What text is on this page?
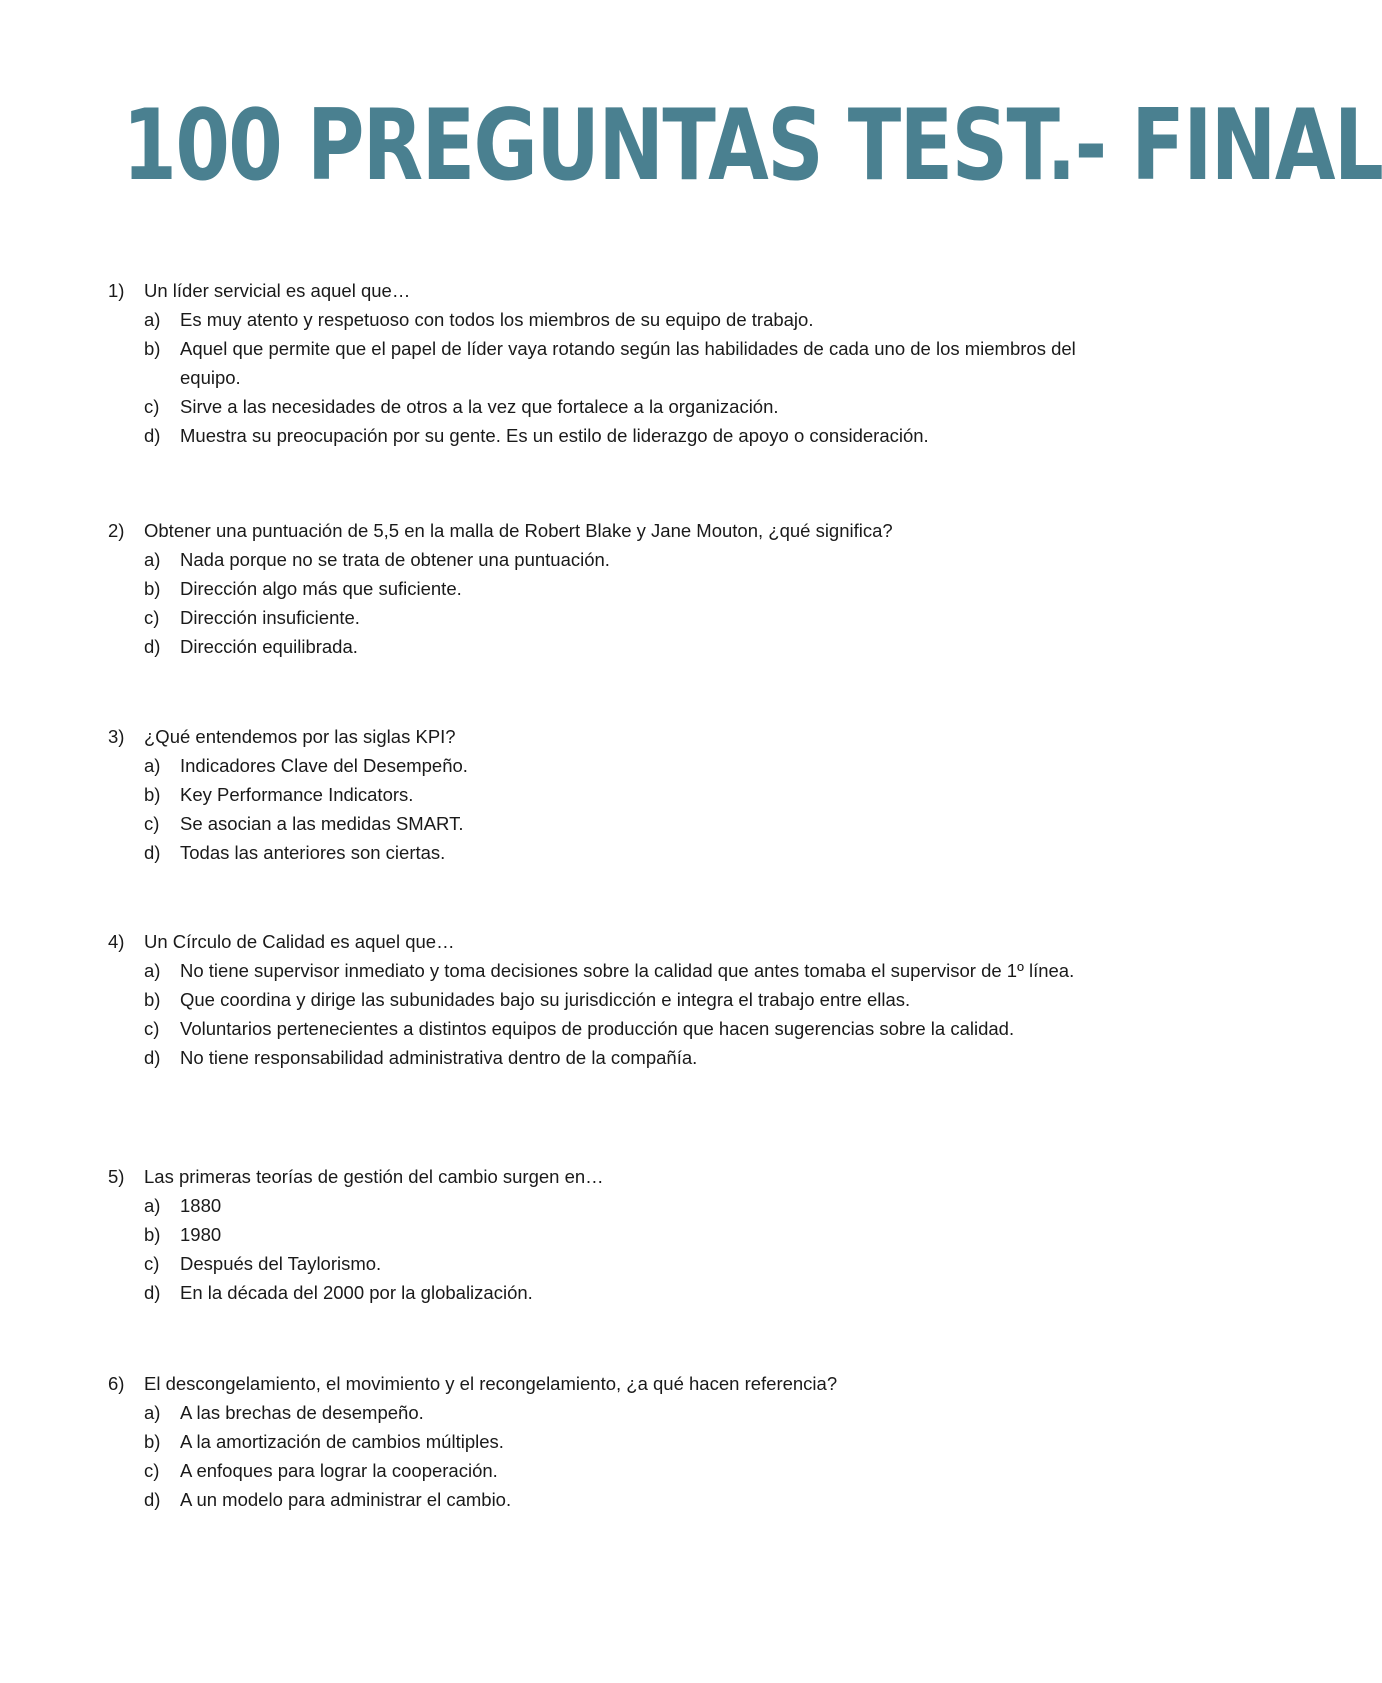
100 PREGUNTAS TEST.- FINAL
1) Un líder servicial es aquel que…
a) Es muy atento y respetuoso con todos los miembros de su equipo de trabajo.
b) Aquel que permite que el papel de líder vaya rotando según las habilidades de cada uno de los miembros del equipo.
c) Sirve a las necesidades de otros a la vez que fortalece a la organización.
d) Muestra su preocupación por su gente. Es un estilo de liderazgo de apoyo o consideración.
2) Obtener una puntuación de 5,5 en la malla de Robert Blake y Jane Mouton, ¿qué significa?
a) Nada porque no se trata de obtener una puntuación.
b) Dirección algo más que suficiente.
c) Dirección insuficiente.
d) Dirección equilibrada.
3) ¿Qué entendemos por las siglas KPI?
a) Indicadores Clave del Desempeño.
b) Key Performance Indicators.
c) Se asocian a las medidas SMART.
d) Todas las anteriores son ciertas.
4) Un Círculo de Calidad es aquel que…
a) No tiene supervisor inmediato y toma decisiones sobre la calidad que antes tomaba el supervisor de 1º línea.
b) Que coordina y dirige las subunidades bajo su jurisdicción e integra el trabajo entre ellas.
c) Voluntarios pertenecientes a distintos equipos de producción que hacen sugerencias sobre la calidad.
d) No tiene responsabilidad administrativa dentro de la compañía.
5) Las primeras teorías de gestión del cambio surgen en…
a) 1880
b) 1980
c) Después del Taylorismo.
d) En la década del 2000 por la globalización.
6) El descongelamiento, el movimiento y el recongelamiento, ¿a qué hacen referencia?
a) A las brechas de desempeño.
b) A la amortización de cambios múltiples.
c) A enfoques para lograr la cooperación.
d) A un modelo para administrar el cambio.
